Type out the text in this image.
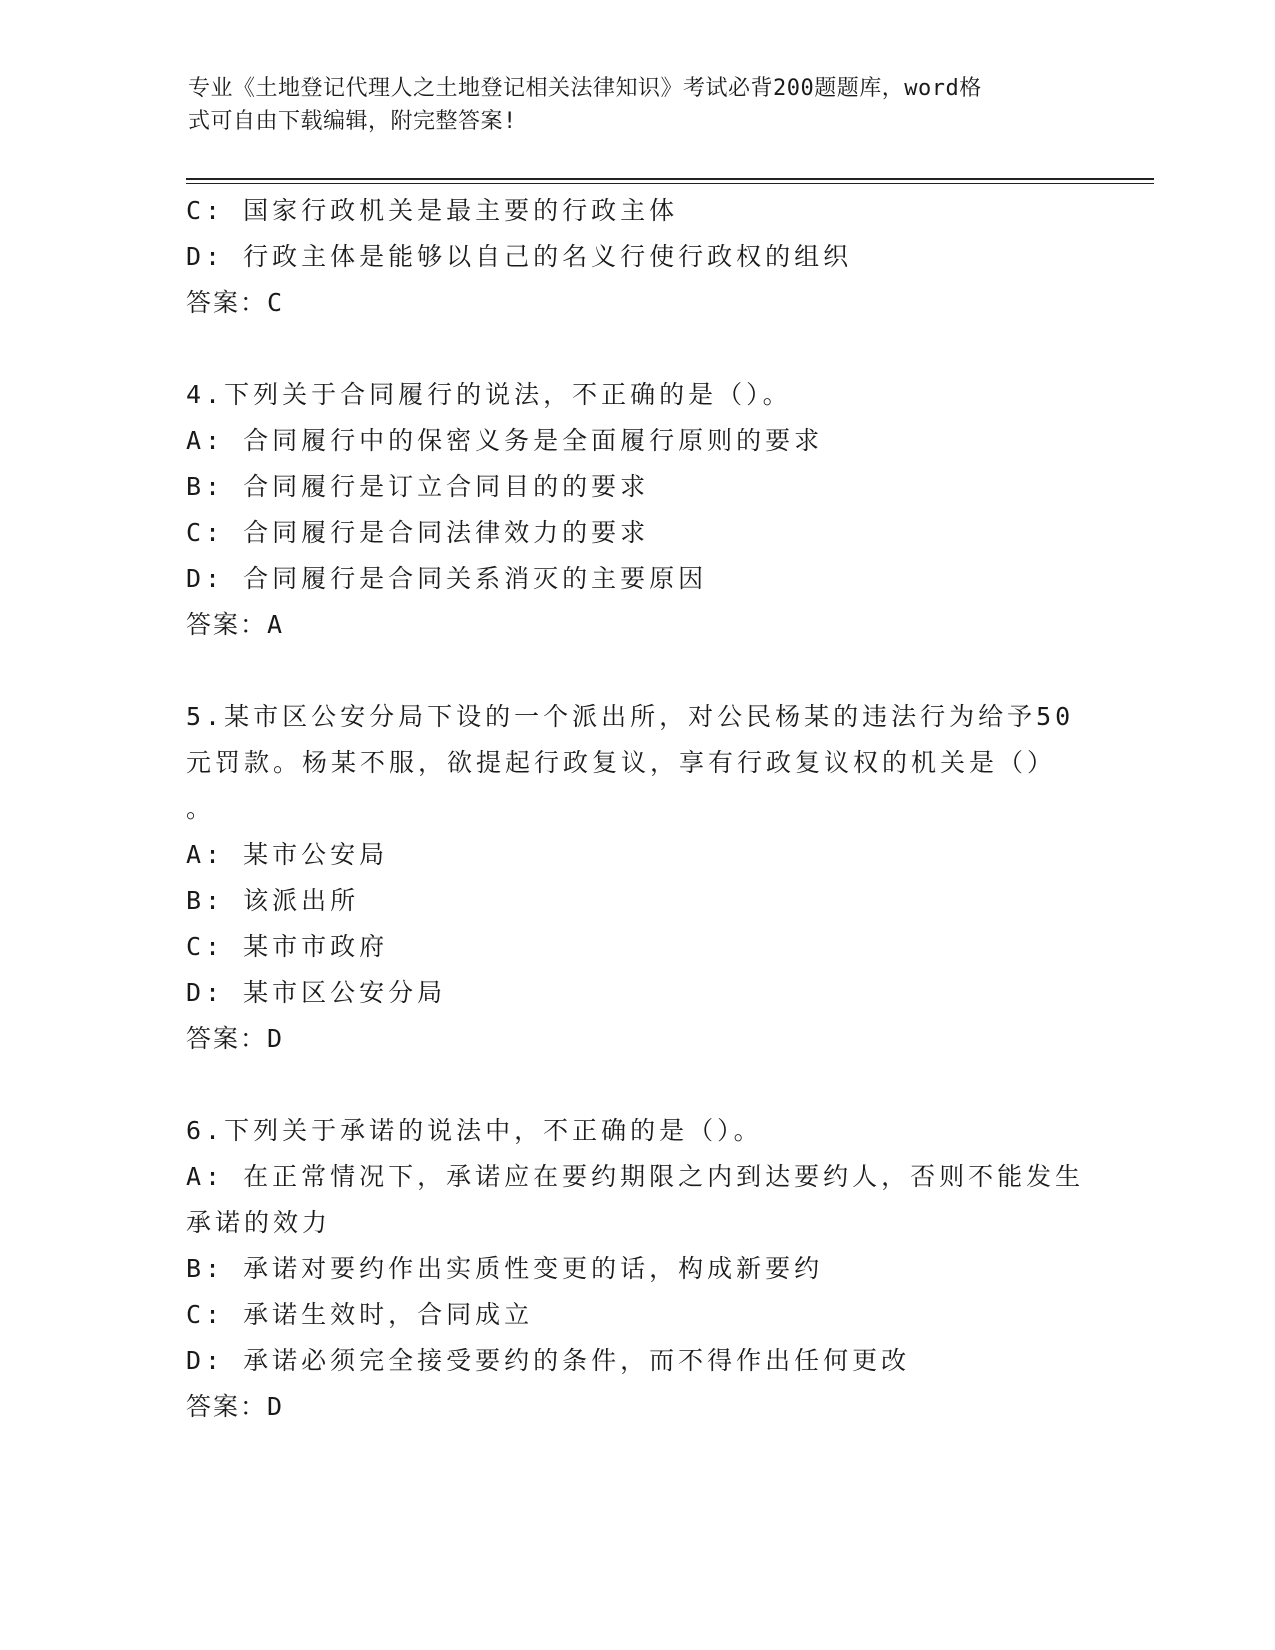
专业《土地登记代理人之土地登记相关法律知识》考试必背200题题库，word格
式可自由下载编辑，附完整答案!
C: 国家行政机关是最主要的行政主体
D: 行政主体是能够以自己的名义行使行政权的组织
答案：C
4.下列关于合同履行的说法，不正确的是（）。
A: 合同履行中的保密义务是全面履行原则的要求
B: 合同履行是订立合同目的的要求
C: 合同履行是合同法律效力的要求
D: 合同履行是合同关系消灭的主要原因
答案：A
5.某市区公安分局下设的一个派出所，对公民杨某的违法行为给予50
元罚款。杨某不服，欲提起行政复议，享有行政复议权的机关是（）
。
A: 某市公安局
B: 该派出所
C: 某市市政府
D: 某市区公安分局
答案：D
6.下列关于承诺的说法中，不正确的是（）。
A: 在正常情况下，承诺应在要约期限之内到达要约人，否则不能发生
承诺的效力
B: 承诺对要约作出实质性变更的话，构成新要约
C: 承诺生效时，合同成立
D: 承诺必须完全接受要约的条件，而不得作出任何更改
答案：D
